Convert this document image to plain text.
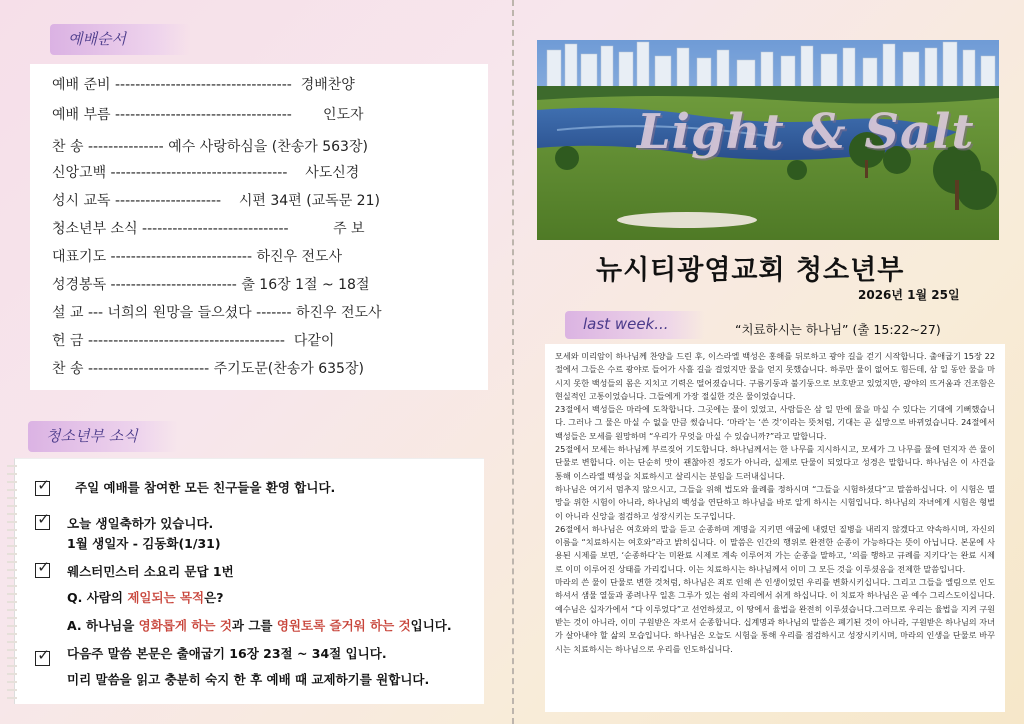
예배순서
예배 준비 ----------------------------------- 경배찬양
예배 부름 ----------------------------------- 인도자
찬 송 --------------- 예수 사랑하심을 (찬송가 563장)
신앙고백 ----------------------------------- 사도신경
성시 교독 --------------------- 시편 34편 (교독문 21)
청소년부 소식 -----------------------------	주 보
대표기도 ---------------------------- 하진우 전도사
성경봉독 ------------------------- 출 16장 1절 ~ 18절
설 교 --- 너희의 원망을 들으셨다 ------- 하진우 전도사
헌 금 --------------------------------------- 다같이
찬 송 ------------------------ 주기도문(찬송가 635장)
청소년부 소식
✓ 주일 예배를 참여한 모든 친구들을 환영 합니다.
✓ 오늘 생일축하가 있습니다.
1월 생일자 - 김동화(1/31)
✓ 웨스터민스터 소요리 문답 1번
Q. 사람의 제일되는 목적은?
A. 하나님을 영화롭게 하는 것과 그를 영원토록 즐거워 하는 것입니다.
✓ 다음주 말씀 본문은 출애굽기 16장 23절 ~ 34절 입니다.
미리 말씀을 읽고 충분히 숙지 한 후 예배 때 교제하기를 원합니다.
Light & Salt
뉴시티광염교회 청소년부
2026년 1월 25일
last week...	“치료하시는 하나님” (출 15:22~27)

모세와 미리암이 하나님께 찬양을 드린 후, 이스라엘 백성은 홍해를 뒤로하고 광야 길을 걷기 시작합니다. 출애굽기 15장 22절에서 그들은 수르 광야로 들어가 사흘 길을 걸었지만 물을 얻지 못했습니다. 하루만 물이 없어도 힘든데, 삼 일 동안 물을 마시지 못한 백성들의 몸은 지치고 기력은 떨어졌습니다. 구름기둥과 불기둥으로 보호받고 있었지만, 광야의 뜨거움과 건조함은 현실적인 고통이었습니다. 그들에게 가장 절실한 것은 물이었습니다.

23절에서 백성들은 마라에 도착합니다. 그곳에는 물이 있었고, 사람들은 삼 일 만에 물을 마실 수 있다는 기대에 기뻐했습니다. 그러나 그 물은 마실 수 없을 만큼 썼습니다. ‘마라’는 ‘쓴 것’이라는 뜻처럼, 기대는 곧 실망으로 바뀌었습니다. 24절에서 백성들은 모세를 원망하며 “우리가 무엇을 마실 수 있습니까?”라고 말합니다.

25절에서 모세는 하나님께 부르짖어 기도합니다. 하나님께서는 한 나무를 지시하시고, 모세가 그 나무를 물에 던지자 쓴 물이 단물로 변합니다. 이는 단순히 맛이 괜찮아진 정도가 아니라, 실제로 단물이 되었다고 성경은 말합니다. 하나님은 이 사건을 통해 이스라엘 백성을 치료하시고 살리시는 분임을 드러내십니다.

하나님은 여기서 멈추지 않으시고, 그들을 위해 법도와 율례를 정하시며 “그들을 시험하셨다”고 말씀하십니다. 이 시험은 멸망을 위한 시험이 아니라, 하나님의 백성을 연단하고 하나님을 바로 알게 하시는 시험입니다. 하나님의 자녀에게 시험은 형벌이 아니라 신앙을 점검하고 성장시키는 도구입니다.

26절에서 하나님은 여호와의 말을 듣고 순종하며 계명을 지키면 애굽에 내렸던 질병을 내리지 않겠다고 약속하시며, 자신의 이름을 “치료하시는 여호와”라고 밝히십니다. 이 말씀은 인간의 행위로 완전한 순종이 가능하다는 뜻이 아닙니다. 본문에 사용된 시제를 보면, ‘순종하다’는 미완료 시제로 계속 이루어져 가는 순종을 말하고, ‘의를 행하고 규례를 지키다’는 완료 시제로 이미 이루어진 상태를 가리킵니다. 이는 치료하시는 하나님께서 이미 그 모든 것을 이루셨음을 전제한 말씀입니다.

마라의 쓴 물이 단물로 변한 것처럼, 하나님은 죄로 인해 쓴 인생이었던 우리를 변화시키십니다. 그리고 그들을 엘림으로 인도하셔서 샘물 열둘과 종려나무 일흔 그루가 있는 쉼의 자리에서 쉬게 하십니다. 이 치료자 하나님은 곧 예수 그리스도이십니다. 예수님은 십자가에서 “다 이루었다”고 선언하셨고, 이 땅에서 율법을 완전히 이루셨습니다.그러므로 우리는 율법을 지켜 구원받는 것이 아니라, 이미 구원받은 자로서 순종합니다. 십계명과 하나님의 말씀은 폐기된 것이 아니라, 구원받은 하나님의 자녀가 살아내야 할 삶의 모습입니다. 하나님은 오늘도 시험을 통해 우리를 점검하시고 성장시키시며, 마라의 인생을 단물로 바꾸시는 치료하시는 하나님으로 우리를 인도하십니다.
